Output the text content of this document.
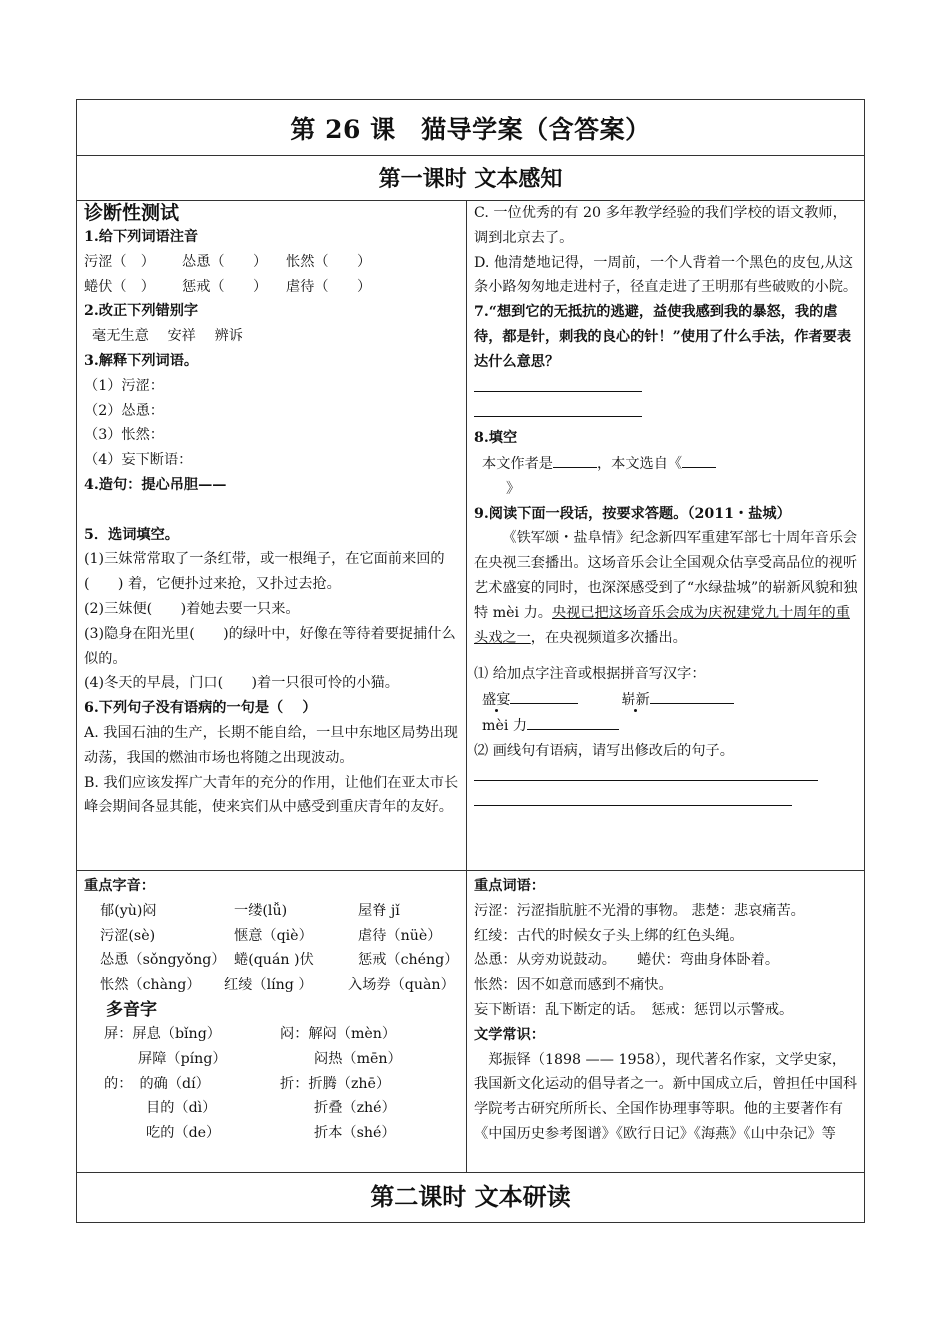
第 26 课　猫导学案（含答案）
第一课时 文本感知

诊断性测试

1.给下列词语注音

污涩（　） 怂恿（　　） 怅然（　　）

蜷伏（　） 惩戒（　　） 虐待（　　）

2.改正下列错别字

毫无生意　 安祥　 辨诉

3.解释下列词语。

（1）污涩：

（2）怂恿：

（3）怅然：

（4）妄下断语：

4.造句：提心吊胆——

5．选词填空。

(1)三妹常常取了一条红带，或一根绳子，在它面前来回的(　　) 着，它便扑过来抢，又扑过去抢。

(2)三妹便(　　)着她去要一只来。

(3)隐身在阳光里(　　)的绿叶中，好像在等待着要捉捕什么似的。

(4)冬天的早晨，门口(　　)着一只很可怜的小猫。

6.下列句子没有语病的一句是（　 ）

A. 我国石油的生产，长期不能自给，一旦中东地区局势出现动荡，我国的燃油市场也将随之出现波动。

B. 我们应该发挥广大青年的充分的作用，让他们在亚太市长峰会期间各显其能，使来宾们从中感受到重庆青年的友好。

C. 一位优秀的有 20 多年教学经验的我们学校的语文教师，调到北京去了。

D. 他清楚地记得，一周前，一个人背着一个黑色的皮包,从这条小路匆匆地走进村子，径直走进了王明那有些破败的小院。

7.“想到它的无抵抗的逃避，益使我感到我的暴怒，我的虐待，都是针，刺我的良心的针！”使用了什么手法，作者要表达什么意思？

8.填空

本文作者是	，本文选自《

》

9.阅读下面一段话，按要求答题。（2011・盐城）

《铁军颂・盐阜情》纪念新四军重建军部七十周年音乐会在央视三套播出。这场音乐会让全国观众估享受高品位的视听艺术盛宴的同时，也深深感受到了“水绿盐城”的崭新风貌和独特 mèi 力。央视已把这场音乐会成为庆祝建党九十周年的重头戏之一，在央视频道多次播出。

⑴ 给加点字注音或根据拼音写汉字：

盛宴	崭新

mèi 力

⑵ 画线句有语病，请写出修改后的句子。

重点字音：

郁(yù)闷	一缕(lǚ)	屋脊 jǐ

污涩(sè)	惬意（qiè）	虐待（nüè）

怂恿（sǒngyǒng） 蜷(quán )伏	惩戒（chéng）

怅然（chàng） 红绫（líng ） 入场券（quàn）

多音字

屏：屏息（bǐng）	闷：解闷（mèn）

屏障（píng）	闷热（mēn）

的：　的确（dí）	折：折腾（zhē）

目的（dì）	折叠（zhé）

吃的（de）	折本（shé）

重点词语：

污涩：污涩指肮脏不光滑的事物。 悲楚：悲哀痛苦。

红绫：古代的时候女子头上绑的红色头绳。

怂恿：从旁劝说鼓动。　　蜷伏：弯曲身体卧着。

怅然：因不如意而感到不痛快。

妄下断语：乱下断定的话。　惩戒：惩罚以示警戒。

文学常识：

　郑振铎（1898 —— 1958），现代著名作家，文学史家，我国新文化运动的倡导者之一。新中国成立后，曾担任中国科学院考古研究所所长、全国作协理事等职。他的主要著作有《中国历史参考图谱》《欧行日记》《海燕》《山中杂记》等

第二课时 文本研读
